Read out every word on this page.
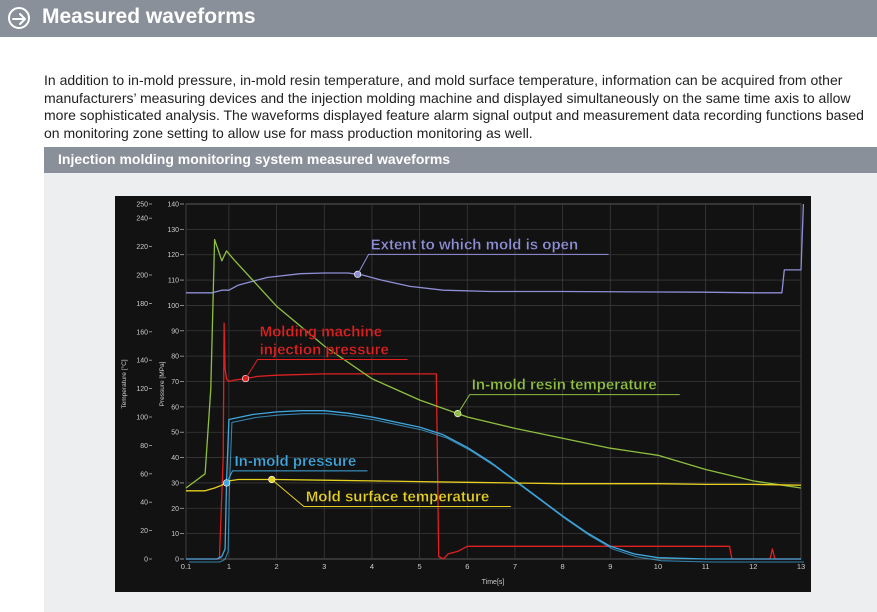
Measured waveforms

In addition to in-mold pressure, in-mold resin temperature, and mold surface temperature, information can be acquired from other manufacturers’ measuring devices and the injection molding machine and displayed simultaneously on the same time axis to allow more sophisticated analysis. The waveforms displayed feature alarm signal output and measurement data recording functions based on monitoring zone setting to allow use for mass production monitoring as well.

Injection molding monitoring system measured waveforms
0.1	1	2	3	4	5	6	7	8	9	10	11	12	13
0
10
20
30
40
50
60
70
80
90
100
110
120
130
140
0
20
40
60
80
100
120
140
160
180
200
220
240
250
Extent to which mold is open
Molding machine
injection pressure
In-mold resin temperature
In-mold pressure
Mold surface temperature
Time[s]
Temperature [°C]	Pressure [MPa]
